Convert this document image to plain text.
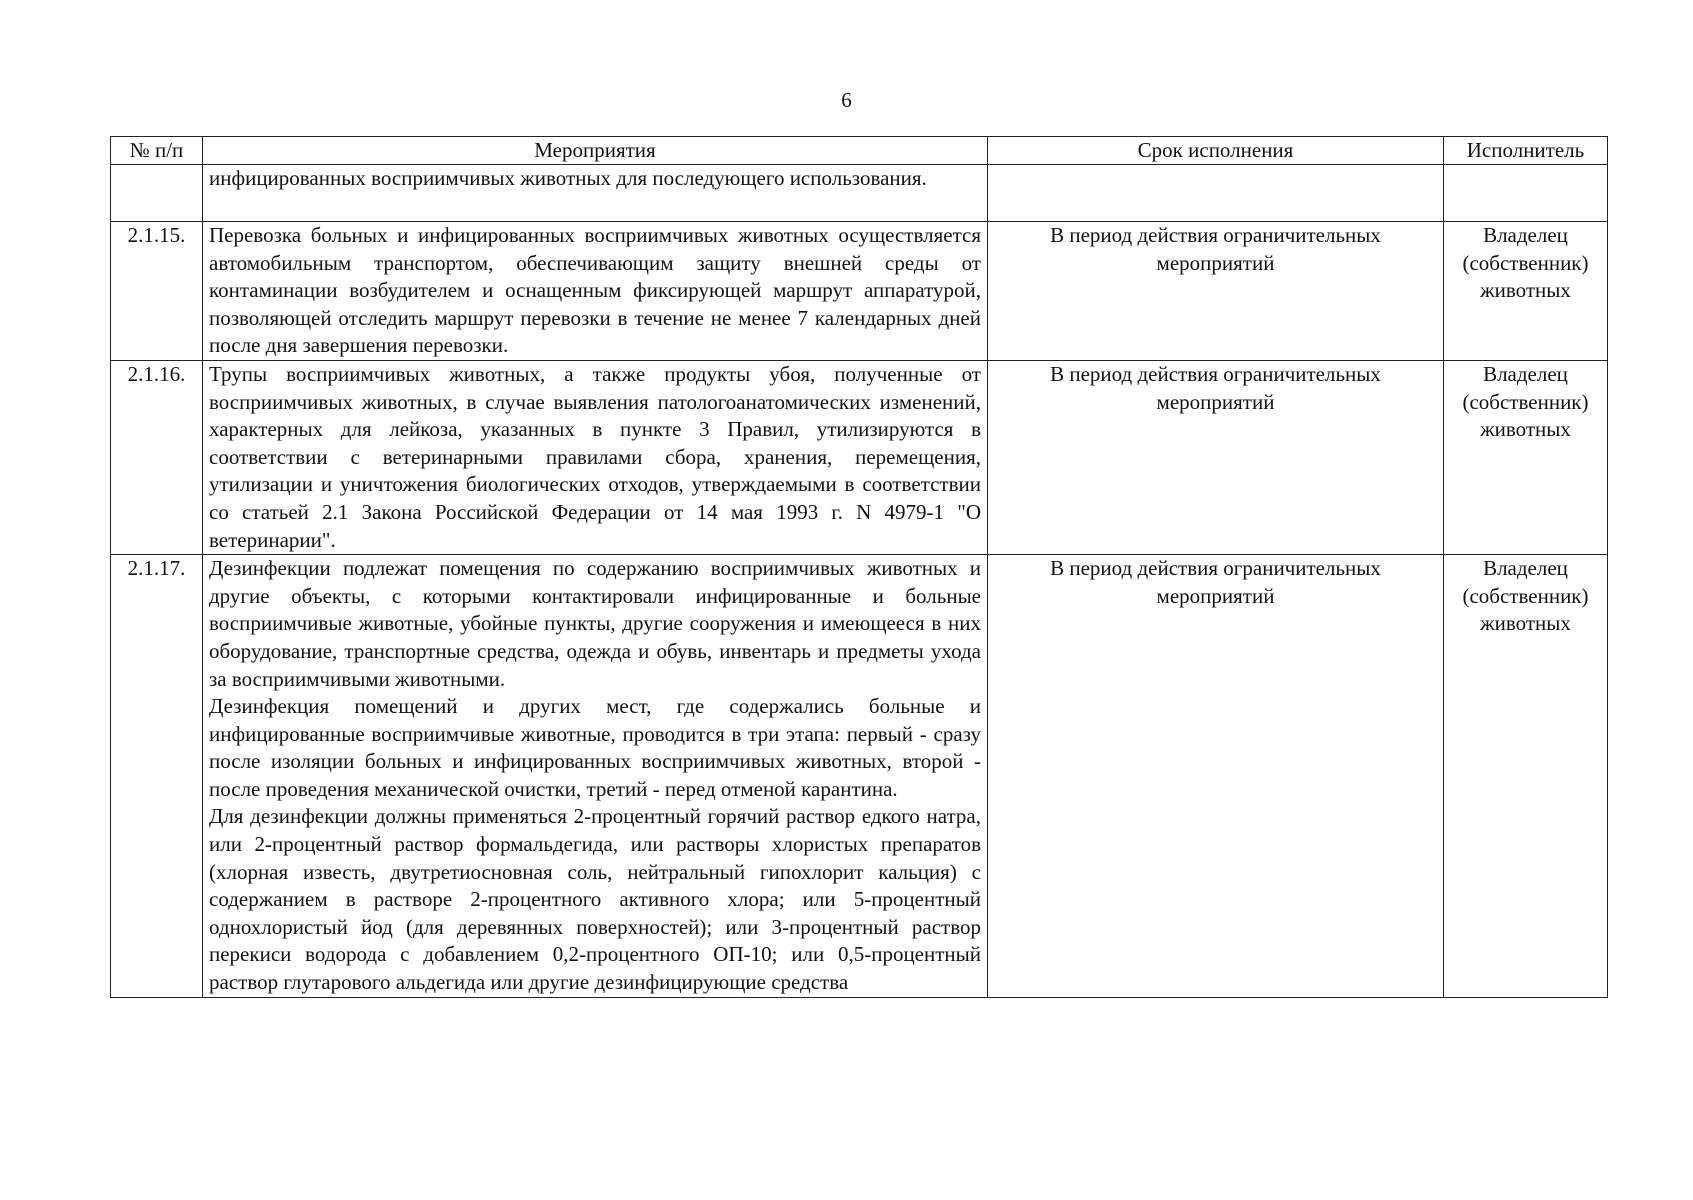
6
№ п/п	Мероприятия	Срок исполнения	Исполнитель

	инфицированных восприимчивых животных для последующего использования.		

2.1.15.	Перевозка больных и инфицированных восприимчивых животных осуществляется автомобильным транспортом, обеспечивающим защиту внешней среды от контаминации возбудителем и оснащенным фиксирующей маршрут аппаратурой, позволяющей отследить маршрут перевозки в течение не менее 7 календарных дней после дня завершения перевозки.	В период действия ограничительных мероприятий	Владелец (собственник) животных
2.1.16.	Трупы восприимчивых животных, а также продукты убоя, полученные от восприимчивых животных, в случае выявления патологоанатомических изменений, характерных для лейкоза, указанных в пункте 3 Правил, утилизируются в соответствии с ветеринарными правилами сбора, хранения, перемещения, утилизации и уничтожения биологических отходов, утверждаемыми в соответствии со статьей 2.1 Закона Российской Федерации от 14 мая 1993 г. N 4979-1 "О ветеринарии".	В период действия ограничительных мероприятий	Владелец (собственник) животных
2.1.17.	Дезинфекции подлежат помещения по содержанию восприимчивых животных и другие объекты, с которыми контактировали инфицированные и больные восприимчивые животные, убойные пункты, другие сооружения и имеющееся в них оборудование, транспортные средства, одежда и обувь, инвентарь и предметы ухода за восприимчивыми животными.

Дезинфекция помещений и других мест, где содержались больные и инфицированные восприимчивые животные, проводится в три этапа: первый - сразу после изоляции больных и инфицированных восприимчивых животных, второй - после проведения механической очистки, третий - перед отменой карантина.

Для дезинфекции должны применяться 2-процентный горячий раствор едкого натра, или 2-процентный раствор формальдегида, или растворы хлористых препаратов (хлорная известь, двутретиосновная соль, нейтральный гипохлорит кальция) с содержанием в растворе 2-процентного активного хлора; или 5-процентный однохлористый йод (для деревянных поверхностей); или 3-процентный раствор перекиси водорода с добавлением 0,2-процентного ОП-10; или 0,5-процентный раствор глутарового альдегида или другие дезинфицирующие средства	В период действия ограничительных мероприятий	Владелец (собственник) животных
